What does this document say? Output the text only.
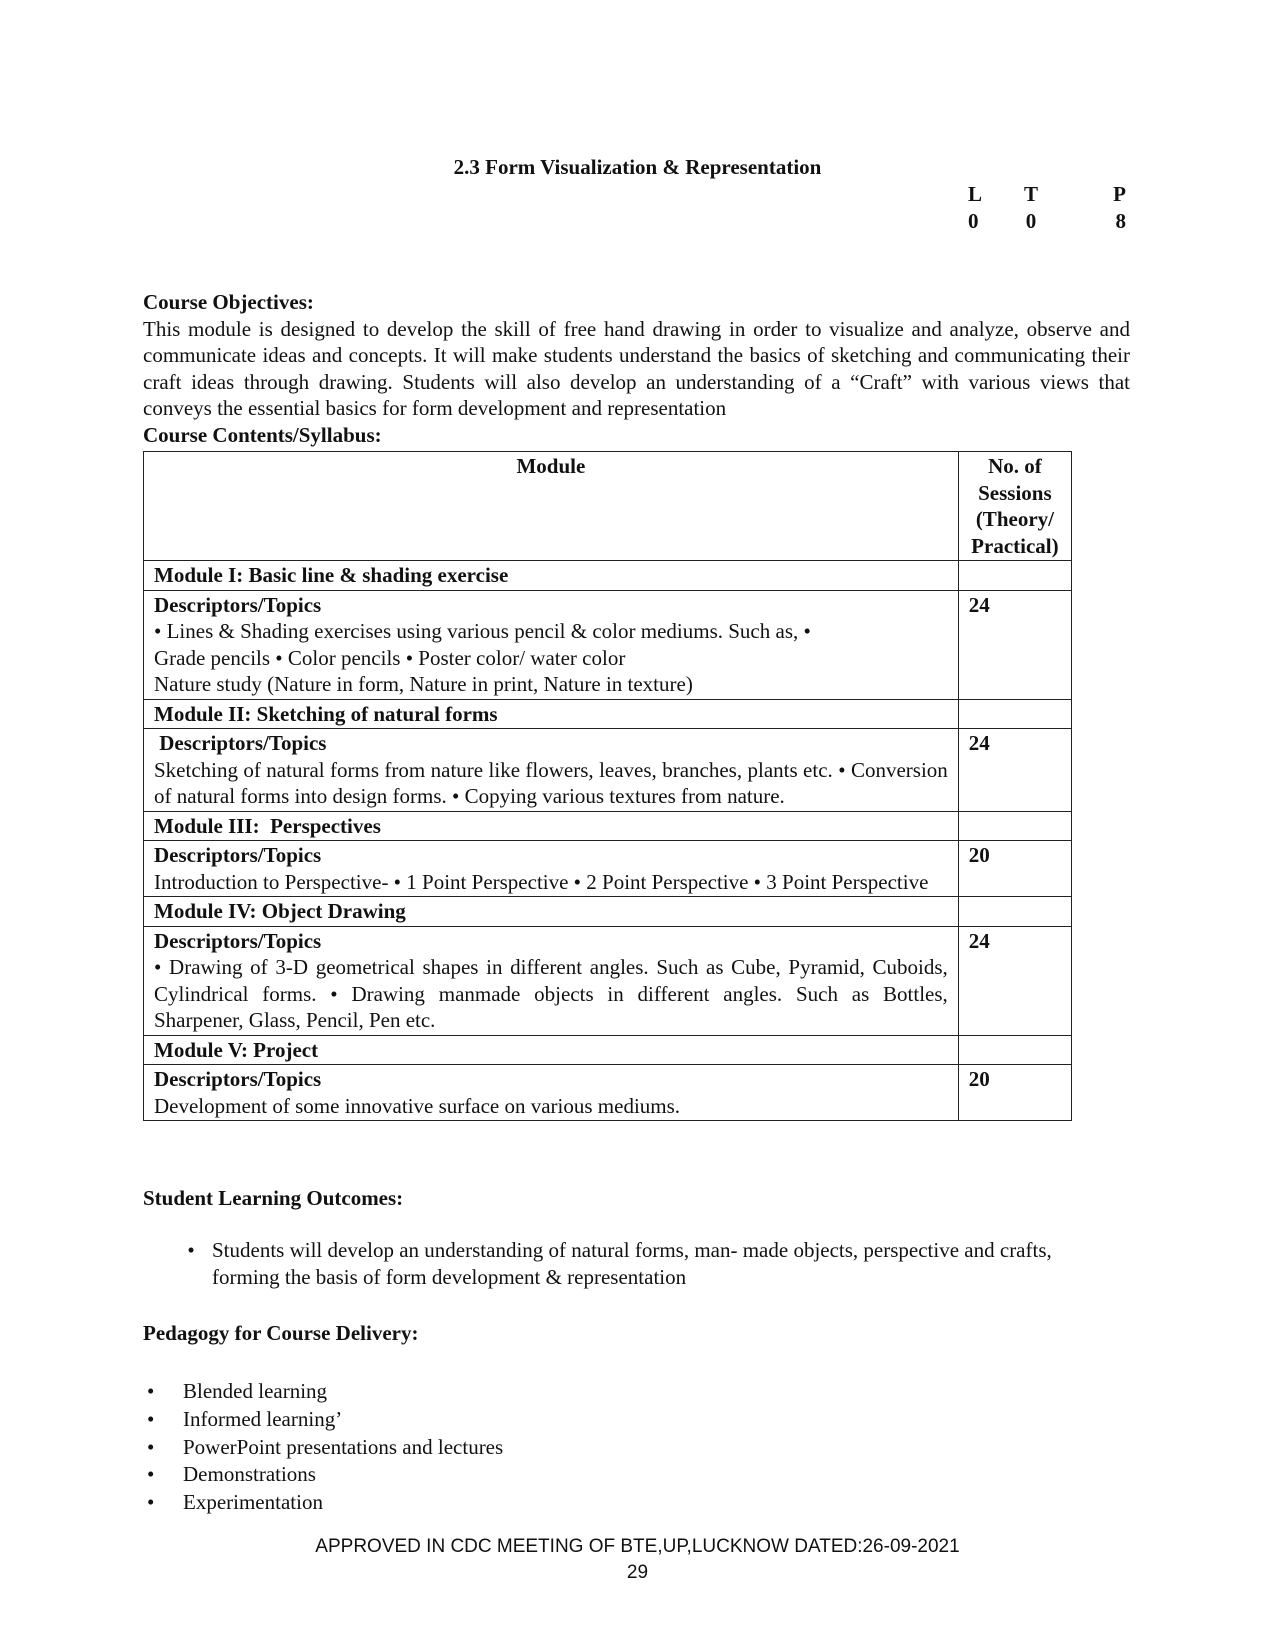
2.3 Form Visualization & Representation
L	T	P
0	0	8
Course Objectives:
This module is designed to develop the skill of free hand drawing in order to visualize and analyze, observe and communicate ideas and concepts. It will make students understand the basics of sketching and communicating their craft ideas through drawing. Students will also develop an understanding of a “Craft” with various views that conveys the essential basics for form development and representation
Course Contents/Syllabus:
Module	No. of
Sessions
(Theory/
Practical)

Module I: Basic line & shading exercise	

Descriptors/Topics
• Lines & Shading exercises using various pencil & color mediums. Such as, •
Grade pencils • Color pencils • Poster color/ water color
Nature study (Nature in form, Nature in print, Nature in texture)	24
Module II: Sketching of natural forms	

Descriptors/Topics
Sketching of natural forms from nature like flowers, leaves, branches, plants etc. • Conversion of natural forms into design forms. • Copying various textures from nature.	24
Module III:  Perspectives	

Descriptors/Topics
Introduction to Perspective- • 1 Point Perspective • 2 Point Perspective • 3 Point Perspective	20
Module IV: Object Drawing	

Descriptors/Topics
• Drawing of 3-D geometrical shapes in different angles. Such as Cube, Pyramid, Cuboids, Cylindrical forms. • Drawing manmade objects in different angles. Such as Bottles, Sharpener, Glass, Pencil, Pen etc.	24
Module V: Project	

Descriptors/Topics
Development of some innovative surface on various mediums.	20
Student Learning Outcomes:
• Students will develop an understanding of natural forms, man- made objects, perspective and crafts, forming the basis of form development & representation
Pedagogy for Course Delivery:
•	Blended learning
•	Informed learning’
•	PowerPoint presentations and lectures
•	Demonstrations
•	Experimentation
APPROVED IN CDC MEETING OF BTE,UP,LUCKNOW DATED:26-09-2021
29
